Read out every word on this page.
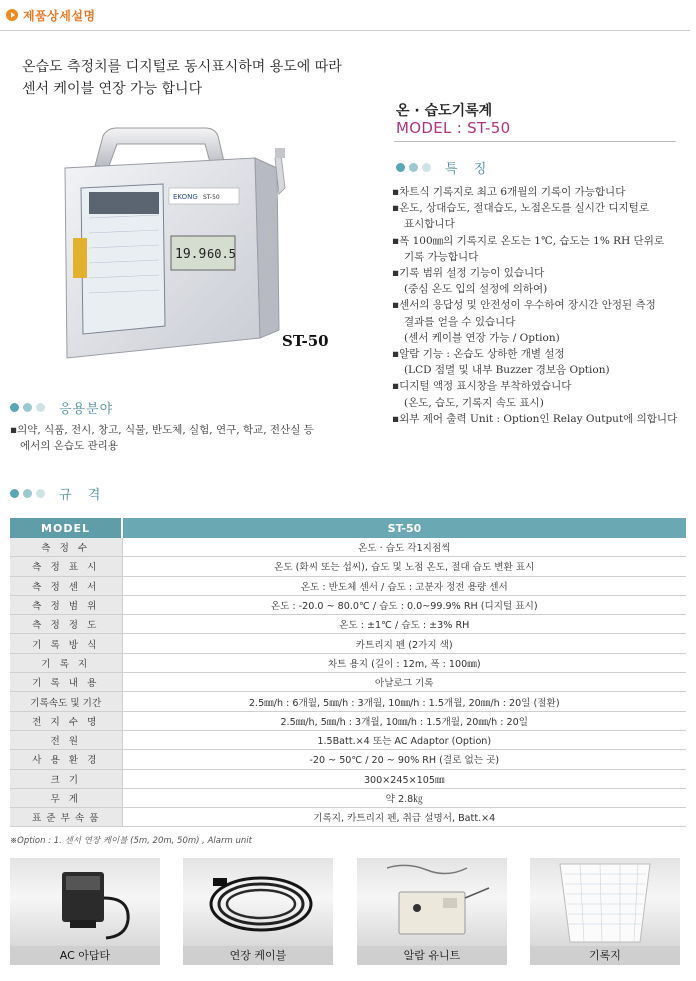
제품상세설명
온습도 측정치를 디지털로 동시표시하며 용도에 따라
센서 케이블 연장 가능 합니다
EKONG ST-50
19.9 60.5
ST-50
온 · 습도기록계
MODEL : ST-50
특 징
▪차트식 기록지로 최고 6개월의 기록이 가능합니다
▪온도, 상대습도, 절대습도, 노점온도를 실시간 디지털로
표시합니다
▪폭 100㎜의 기록지로 온도는 1℃, 습도는 1% RH 단위로
기록 가능합니다
▪기록 범위 설정 기능이 있습니다
(중심 온도 입의 설정에 의하여)
▪센서의 응답성 및 안전성이 우수하여 장시간 안정된 측정
결과를 얻을 수 있습니다
(센서 케이블 연장 가능 / Option)
▪알람 기능 : 온습도 상하한 개별 설정
(LCD 점멸 및 내부 Buzzer 경보음 Option)
▪디지털 액정 표시창을 부착하였습니다
(온도, 습도, 기록지 속도 표시)
▪외부 제어 출력 Unit : Option인 Relay Output에 의합니다
응용분야
▪의약, 식품, 전시, 창고, 식물, 반도체, 실험, 연구, 학교, 전산실 등
에서의 온습도 관리용
규 격
MODEL	ST-50
측 정 수	온도 · 습도 각1지점씩
측 정 표 시	온도 (화씨 또는 섭씨), 습도 및 노점 온도, 절대 습도 변환 표시
측 정 센 서	온도 : 반도체 센서 / 습도 : 고분자 정전 용량 센서
측 정 범 위	온도 : -20.0 ~ 80.0℃ / 습도 : 0.0~99.9% RH (디지털 표시)
측 정 정 도	온도 : ±1℃ / 습도 : ±3% RH
기 록 방 식	카트리지 펜 (2가지 색)
기 록 지	차트 용지 (길이 : 12m, 폭 : 100㎜)
기 록 내 용	아날로그 기록
기록속도 및 기간	2.5㎜/h : 6개월, 5㎜/h : 3개월, 10㎜/h : 1.5개월, 20㎜/h : 20일 (절환)
전 지 수 명	2.5㎜/h, 5㎜/h : 3개월, 10㎜/h : 1.5개월, 20㎜/h : 20일
전 원	1.5Batt.×4 또는 AC Adaptor (Option)
사 용 환 경	-20 ~ 50℃ / 20 ~ 90% RH (결로 없는 곳)
크 기	300×245×105㎜
무 게	약 2.8㎏
표 준 부 속 품	기록지, 카트리지 펜, 취급 설명서, Batt.×4
※Option : 1. 센서 연장 케이블 (5m, 20m, 50m) , Alarm unit
AC 아답타	연장 케이블	알람 유니트	기록지
